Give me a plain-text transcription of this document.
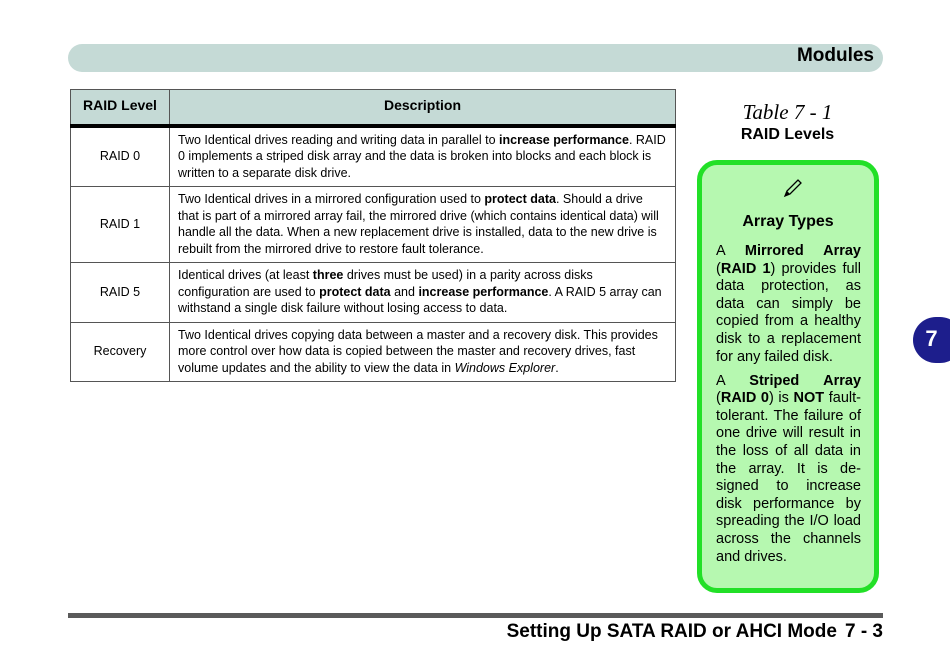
Modules
RAID Level	Description
RAID 0	Two Identical drives reading and writing data in parallel to increase performance. RAID 0 implements a striped disk array and the data is broken into blocks and each block is written to a separate disk drive.
RAID 1	Two Identical drives in a mirrored configuration used to protect data. Should a drive that is part of a mirrored array fail, the mirrored drive (which contains identical data) will handle all the data. When a new replacement drive is installed, data to the new drive is rebuilt from the mirrored drive to restore fault tolerance.
RAID 5	Identical drives (at least three drives must be used) in a parity across disks configuration are used to protect data and increase performance. A RAID 5 array can withstand a single disk failure without losing access to data.
Recovery	Two Identical drives copying data between a master and a recovery disk. This provides more control over how data is copied between the master and recovery drives, fast volume updates and the ability to view the data in Windows Explorer.
Table 7 - 1
RAID Levels
Array Types

A Mirrored Array (RAID 1) provides full data protection, as data can simply be copied from a healthy disk to a replacement for any failed disk.

A Striped Array (RAID 0) is NOT fault-tolerant. The failure of one drive will result in the loss of all data in the array. It is de-signed to increase disk performance by spreading the I/O load across the channels and drives.

7
Setting Up SATA RAID or AHCI Mode 7 - 3
